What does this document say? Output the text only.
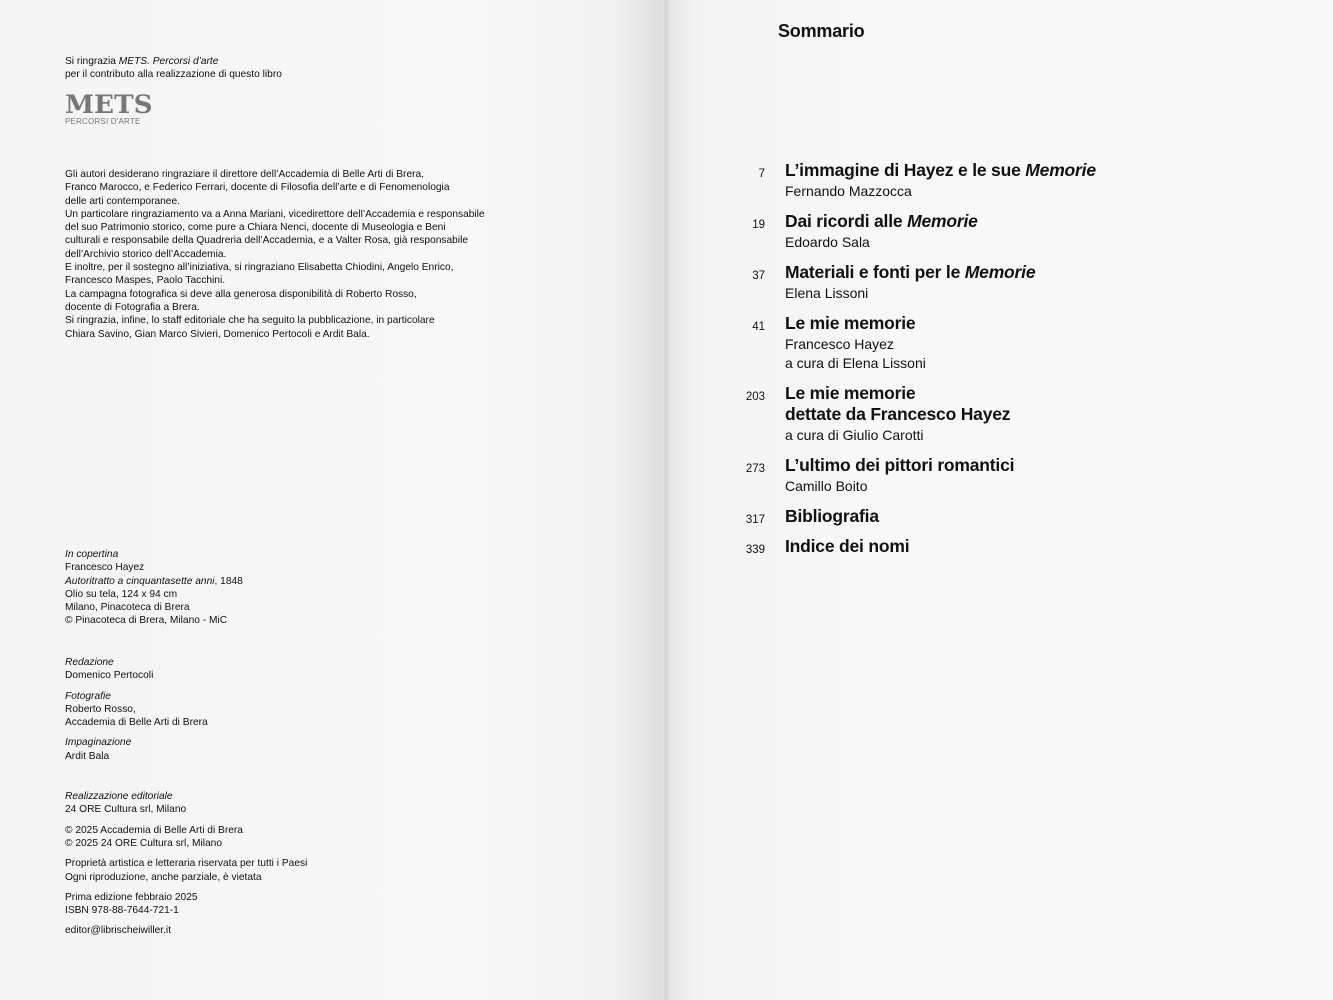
Si ringrazia METS. Percorsi d’arte
per il contributo alla realizzazione di questo libro
METS
PERCORSI D'ARTE
Gli autori desiderano ringraziare il direttore dell’Accademia di Belle Arti di Brera,
Franco Marocco, e Federico Ferrari, docente di Filosofia dell’arte e di Fenomenologia
delle arti contemporanee.
Un particolare ringraziamento va a Anna Mariani, vicedirettore dell’Accademia e responsabile
del suo Patrimonio storico, come pure a Chiara Nenci, docente di Museologia e Beni
culturali e responsabile della Quadreria dell’Accademia, e a Valter Rosa, già responsabile
dell’Archivio storico dell’Accademia.
E inoltre, per il sostegno all’iniziativa, si ringraziano Elisabetta Chiodini, Angelo Enrico,
Francesco Maspes, Paolo Tacchini.
La campagna fotografica si deve alla generosa disponibilità di Roberto Rosso,
docente di Fotografia a Brera.
Si ringrazia, infine, lo staff editoriale che ha seguito la pubblicazione, in particolare
Chiara Savino, Gian Marco Sivieri, Domenico Pertocoli e Ardit Bala.
In copertina
Francesco Hayez
Autoritratto a cinquantasette anni, 1848
Olio su tela, 124 x 94 cm
Milano, Pinacoteca di Brera
© Pinacoteca di Brera, Milano - MiC
Redazione
Domenico Pertocoli
Fotografie
Roberto Rosso,
Accademia di Belle Arti di Brera
Impaginazione
Ardit Bala
Realizzazione editoriale
24 ORE Cultura srl, Milano
© 2025 Accademia di Belle Arti di Brera
© 2025 24 ORE Cultura srl, Milano
Proprietà artistica e letteraria riservata per tutti i Paesi
Ogni riproduzione, anche parziale, è vietata
Prima edizione febbraio 2025
ISBN 978-88-7644-721-1
editor@librischeiwiller.it
Sommario
7 L’immagine di Hayez e le sue Memorie
Fernando Mazzocca
19 Dai ricordi alle Memorie
Edoardo Sala
37 Materiali e fonti per le Memorie
Elena Lissoni
41 Le mie memorie
Francesco Hayez
a cura di Elena Lissoni
203 Le mie memorie
dettate da Francesco Hayez
a cura di Giulio Carotti
273 L’ultimo dei pittori romantici
Camillo Boito
317 Bibliografia
339 Indice dei nomi
